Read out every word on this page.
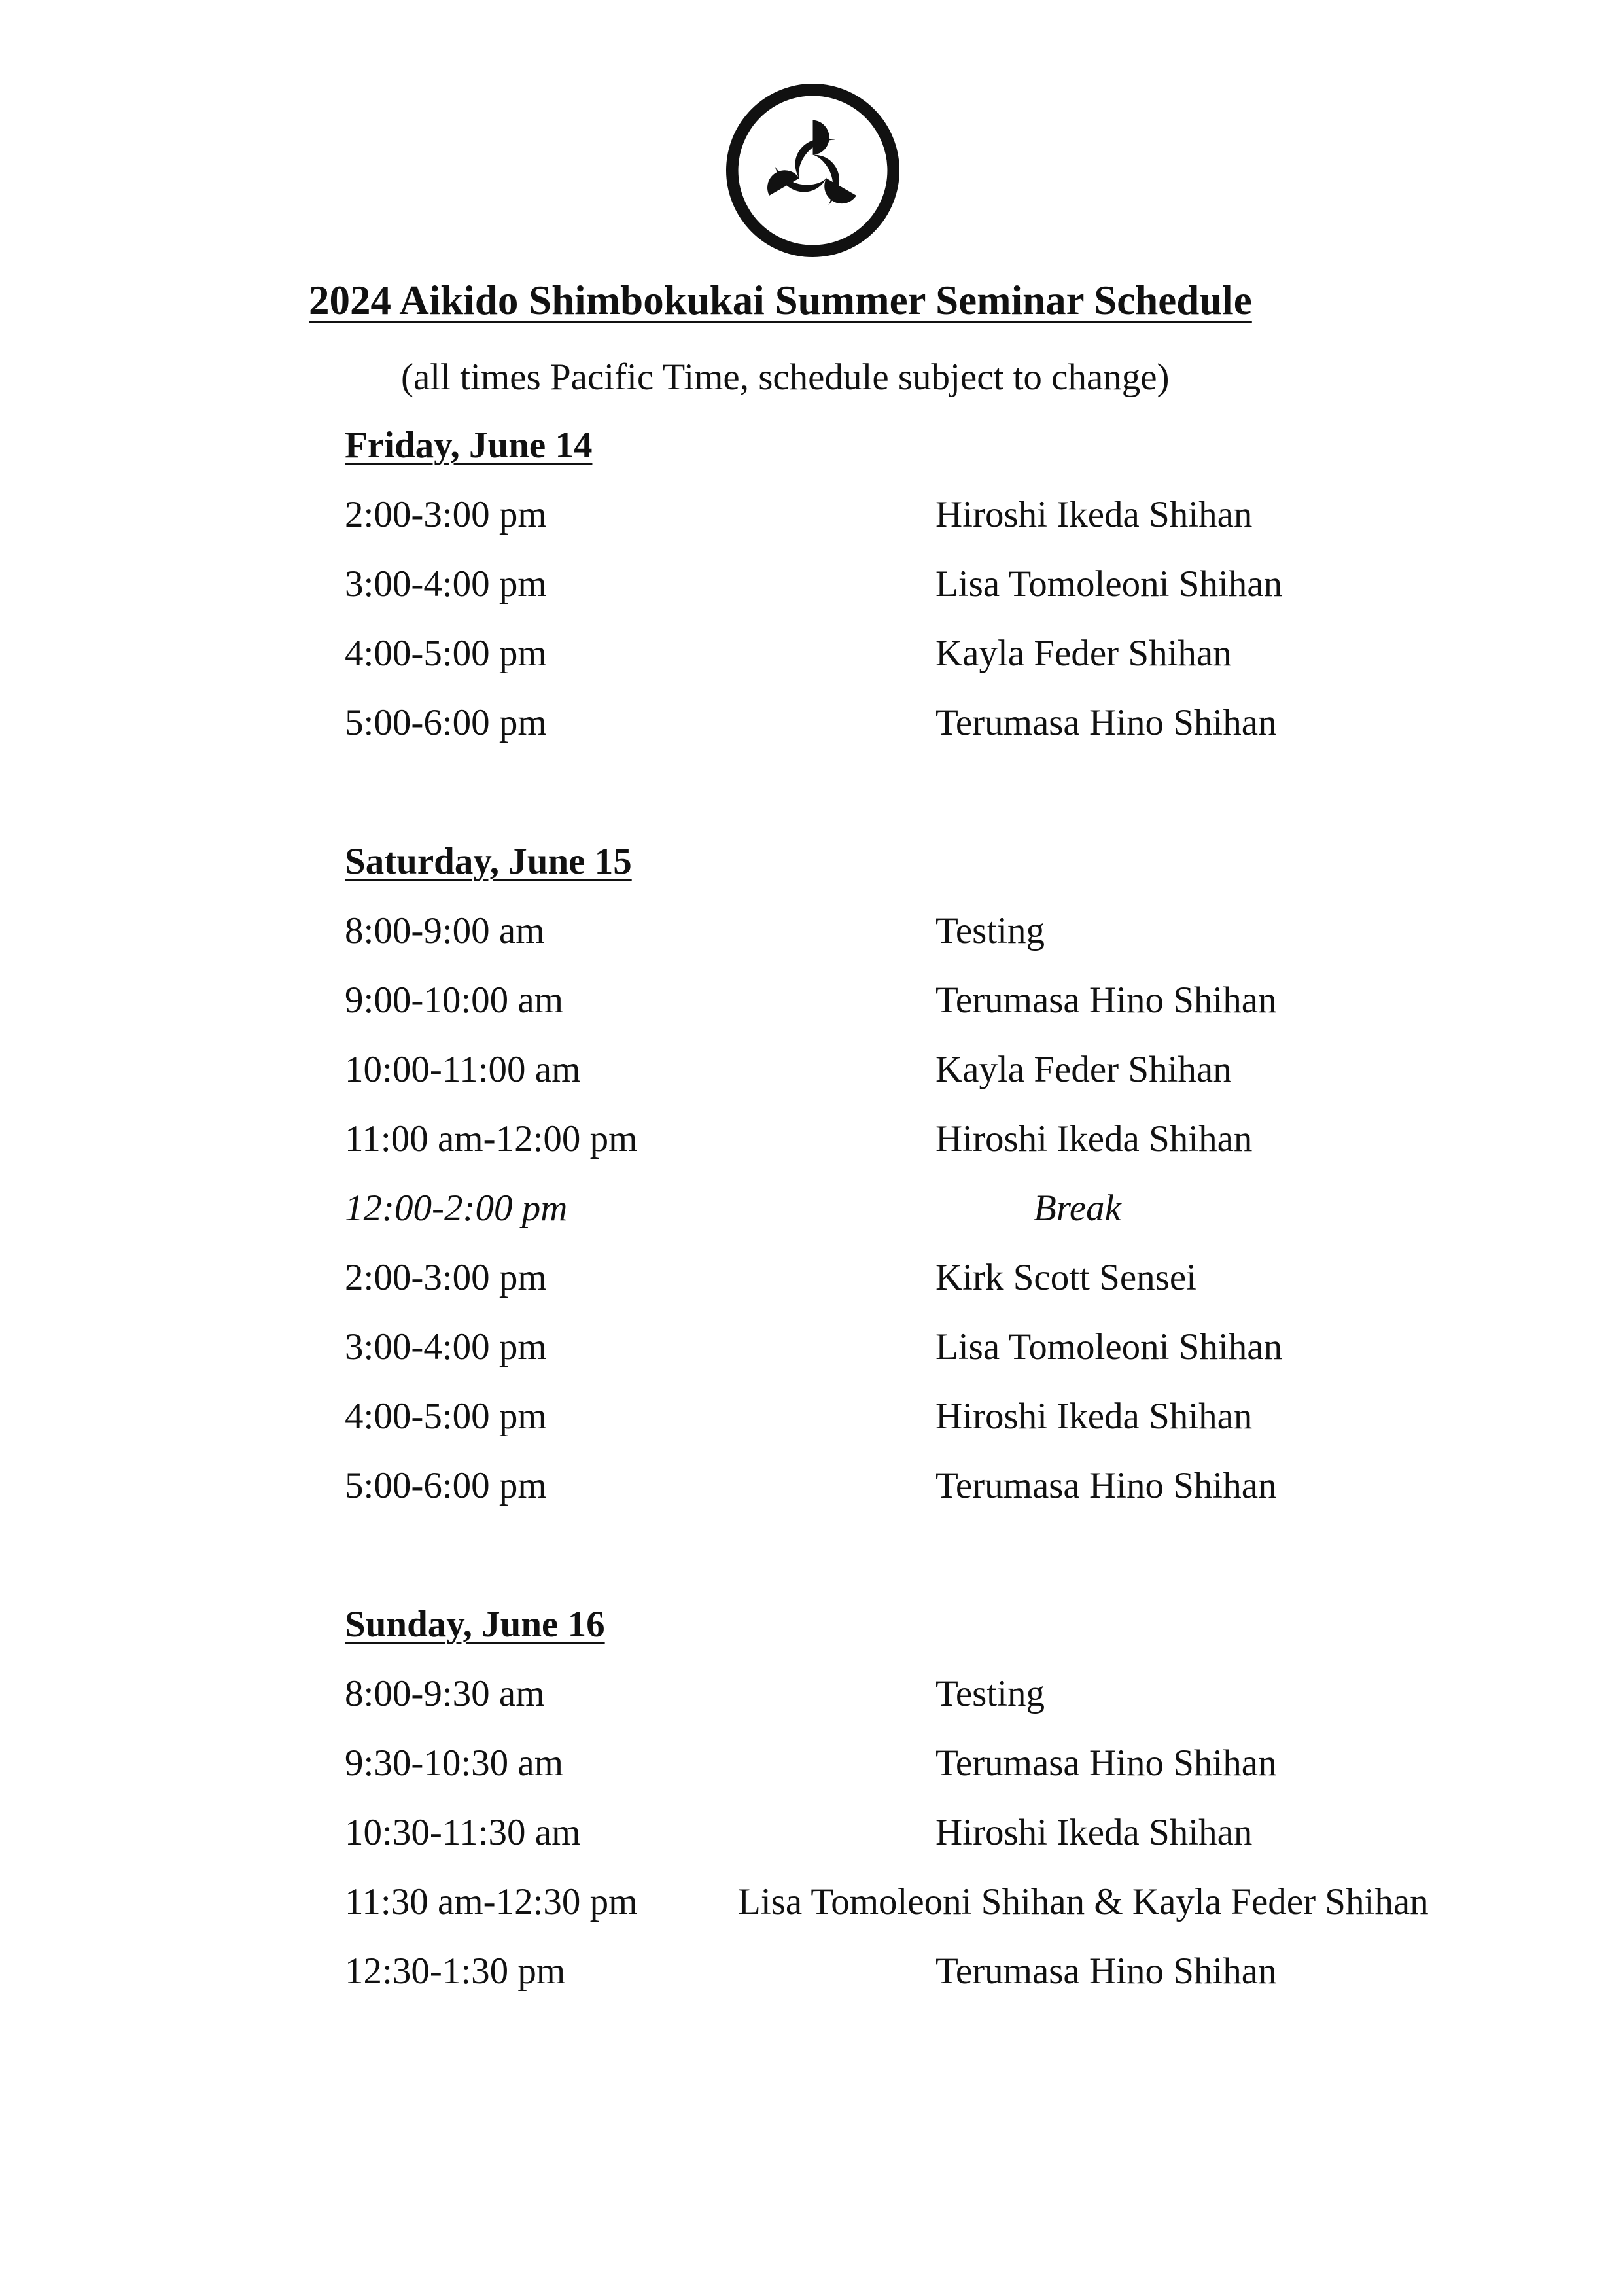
2024 Aikido Shimbokukai Summer Seminar Schedule
(all times Pacific Time, schedule subject to change)
Friday, June 14
2:00-3:00 pm	Hiroshi Ikeda Shihan
3:00-4:00 pm	Lisa Tomoleoni Shihan
4:00-5:00 pm	Kayla Feder Shihan
5:00-6:00 pm	Terumasa Hino Shihan
Saturday, June 15
8:00-9:00 am	Testing
9:00-10:00 am	Terumasa Hino Shihan
10:00-11:00 am	Kayla Feder Shihan
11:00 am-12:00 pm	Hiroshi Ikeda Shihan
12:00-2:00 pm	Break
2:00-3:00 pm	Kirk Scott Sensei
3:00-4:00 pm	Lisa Tomoleoni Shihan
4:00-5:00 pm	Hiroshi Ikeda Shihan
5:00-6:00 pm	Terumasa Hino Shihan
Sunday, June 16
8:00-9:30 am	Testing
9:30-10:30 am	Terumasa Hino Shihan
10:30-11:30 am	Hiroshi Ikeda Shihan
11:30 am-12:30 pm	Lisa Tomoleoni Shihan & Kayla Feder Shihan
12:30-1:30 pm	Terumasa Hino Shihan
